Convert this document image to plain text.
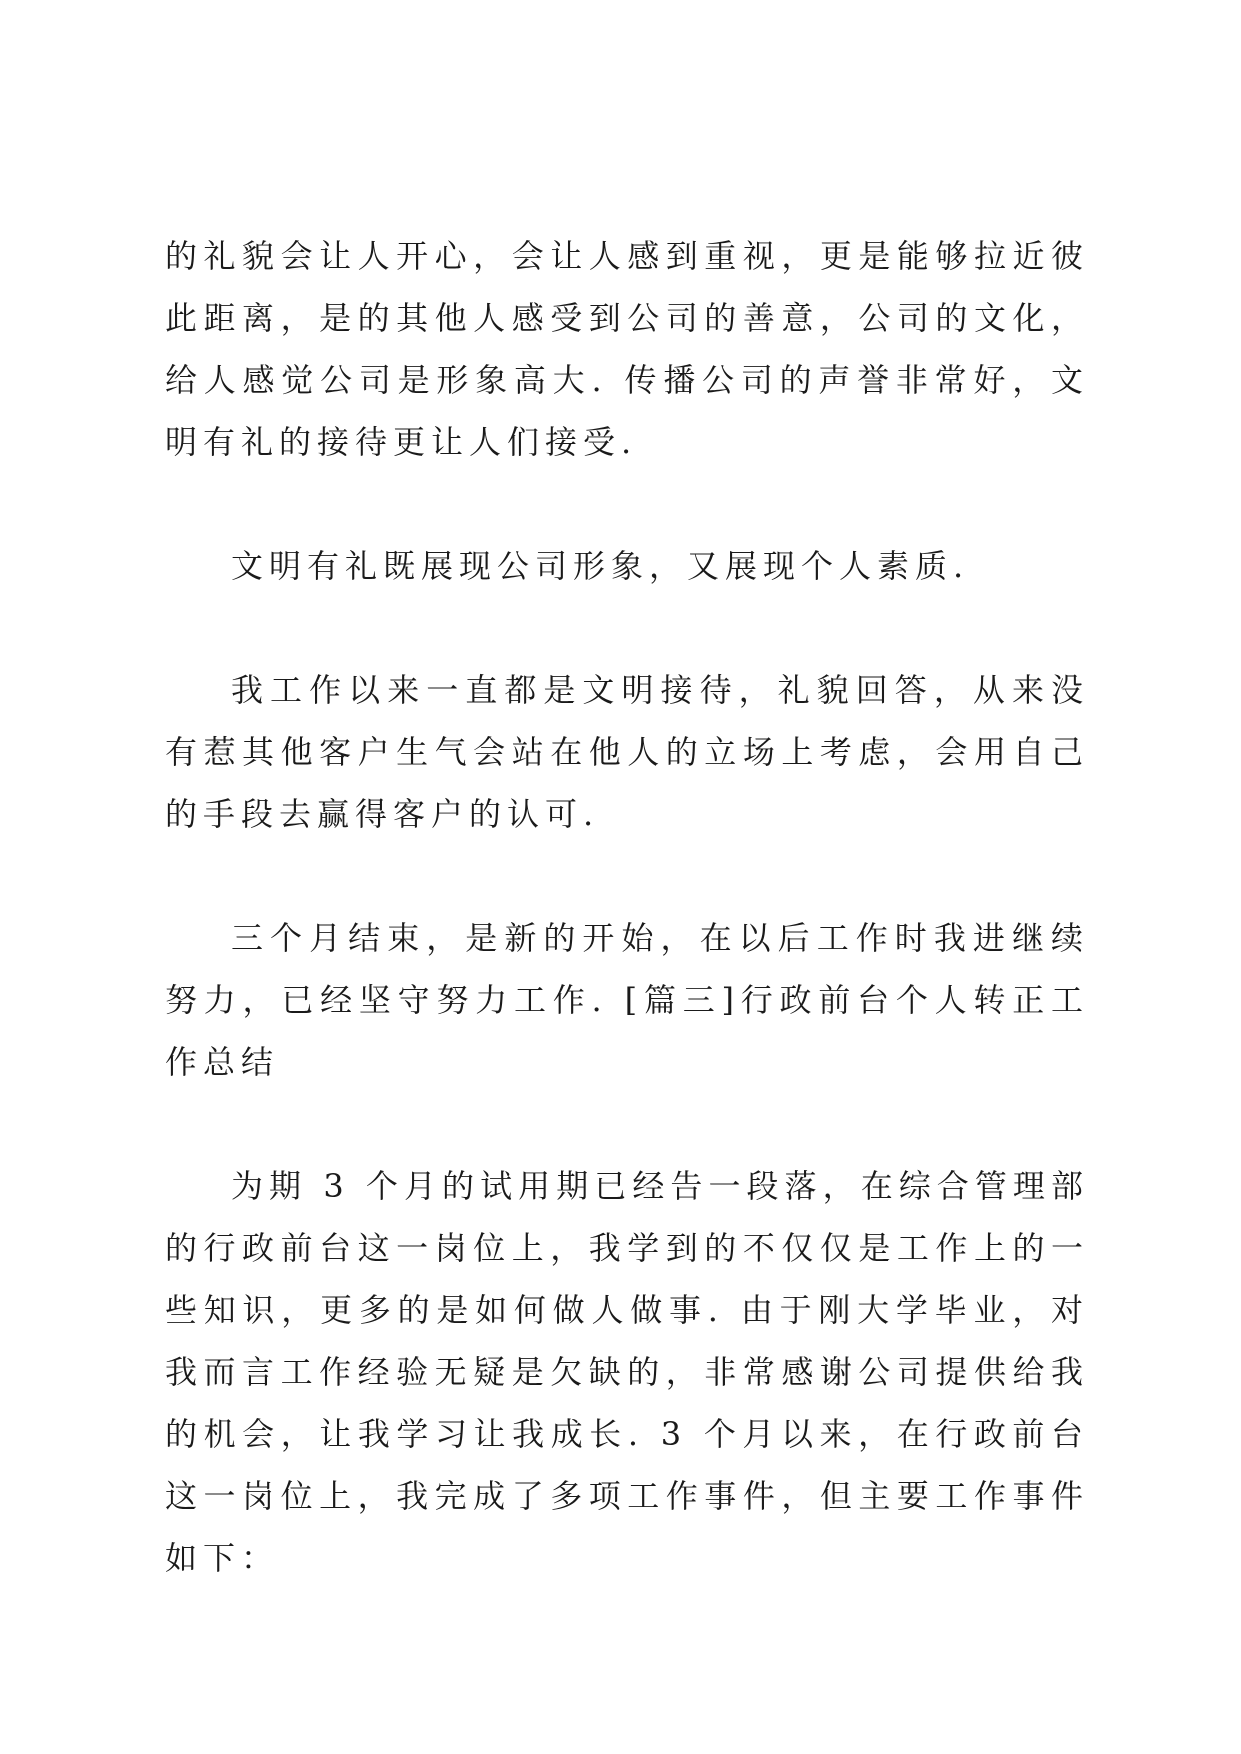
的礼貌会让人开心，会让人感到重视，更是能够拉近彼此距离，是的其他人感受到公司的善意，公司的文化，给人感觉公司是形象高大. 传播公司的声誉非常好，文明有礼的接待更让人们接受.

文明有礼既展现公司形象，又展现个人素质.

我工作以来一直都是文明接待，礼貌回答，从来没有惹其他客户生气会站在他人的立场上考虑，会用自己的手段去赢得客户的认可.

三个月结束，是新的开始，在以后工作时我进继续努力，已经坚守努力工作. [篇三]行政前台个人转正工作总结

为期 3 个月的试用期已经告一段落，在综合管理部的行政前台这一岗位上，我学到的不仅仅是工作上的一些知识，更多的是如何做人做事. 由于刚大学毕业，对我而言工作经验无疑是欠缺的，非常感谢公司提供给我的机会，让我学习让我成长. 3 个月以来，在行政前台这一岗位上，我完成了多项工作事件，但主要工作事件如下：
